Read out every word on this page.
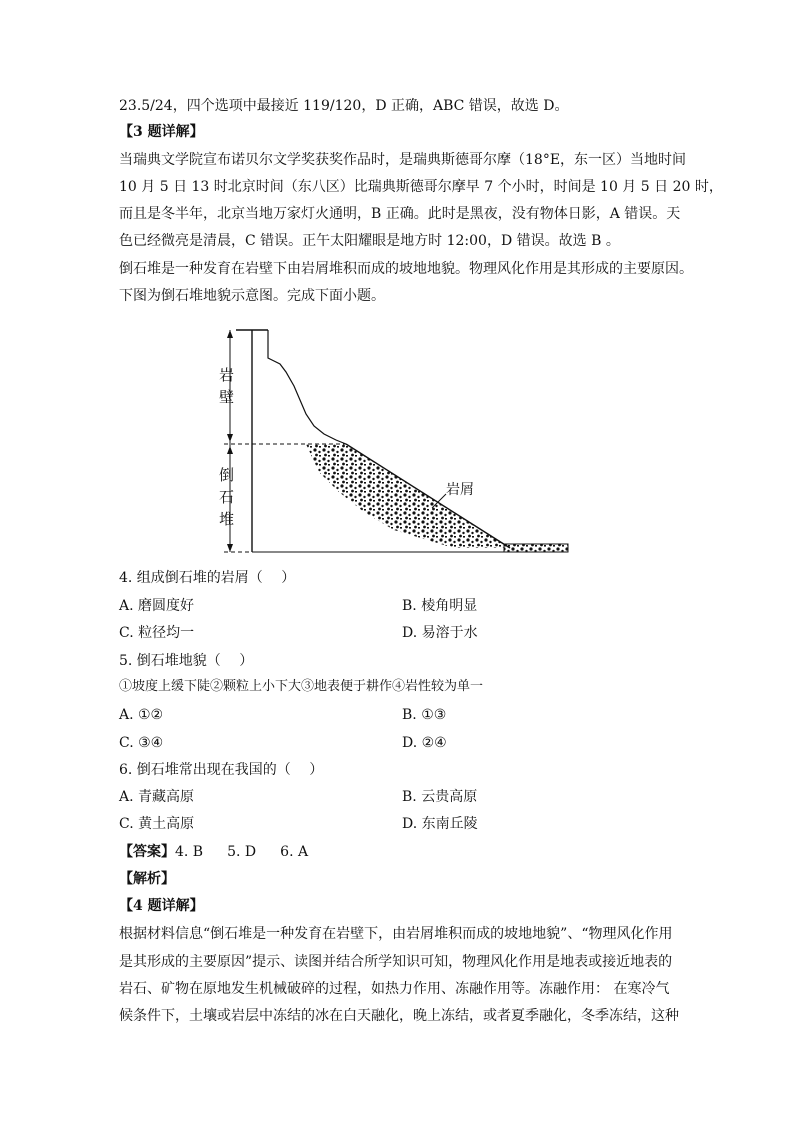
23.5/24，四个选项中最接近 119/120，D 正确，ABC 错误，故选 D。
【3 题详解】
当瑞典文学院宣布诺贝尔文学奖获奖作品时，是瑞典斯德哥尔摩（18°E，东一区）当地时间
10 月 5 日 13 时北京时间（东八区）比瑞典斯德哥尔摩早 7 个小时，时间是 10 月 5 日 20 时，
而且是冬半年，北京当地万家灯火通明，B 正确。此时是黑夜，没有物体日影，A 错误。天
色已经微亮是清晨，C 错误。正午太阳耀眼是地方时 12:00，D 错误。故选 B 。
倒石堆是一种发育在岩壁下由岩屑堆积而成的坡地地貌。物理风化作用是其形成的主要原因。
下图为倒石堆地貌示意图。完成下面小题。
岩
壁
倒
石
堆
岩屑
4. 组成倒石堆的岩屑（　 ）
A. 磨圆度好	B. 棱角明显
C. 粒径均一	D. 易溶于水
5. 倒石堆地貌（　 ）
①坡度上缓下陡②颗粒上小下大③地表便于耕作④岩性较为单一
A. ①②	B. ①③
C. ③④	D. ②④
6. 倒石堆常出现在我国的（　 ）
A. 青藏高原	B. 云贵高原
C. 黄土高原	D. 东南丘陵
【答案】4. B 5. D 6. A
【解析】
【4 题详解】
根据材料信息“倒石堆是一种发育在岩壁下，由岩屑堆积而成的坡地地貌”、“物理风化作用
是其形成的主要原因”提示、读图并结合所学知识可知，物理风化作用是地表或接近地表的
岩石、矿物在原地发生机械破碎的过程，如热力作用、冻融作用等。冻融作用： 在寒冷气
候条件下，土壤或岩层中冻结的冰在白天融化，晚上冻结，或者夏季融化，冬季冻结，这种
